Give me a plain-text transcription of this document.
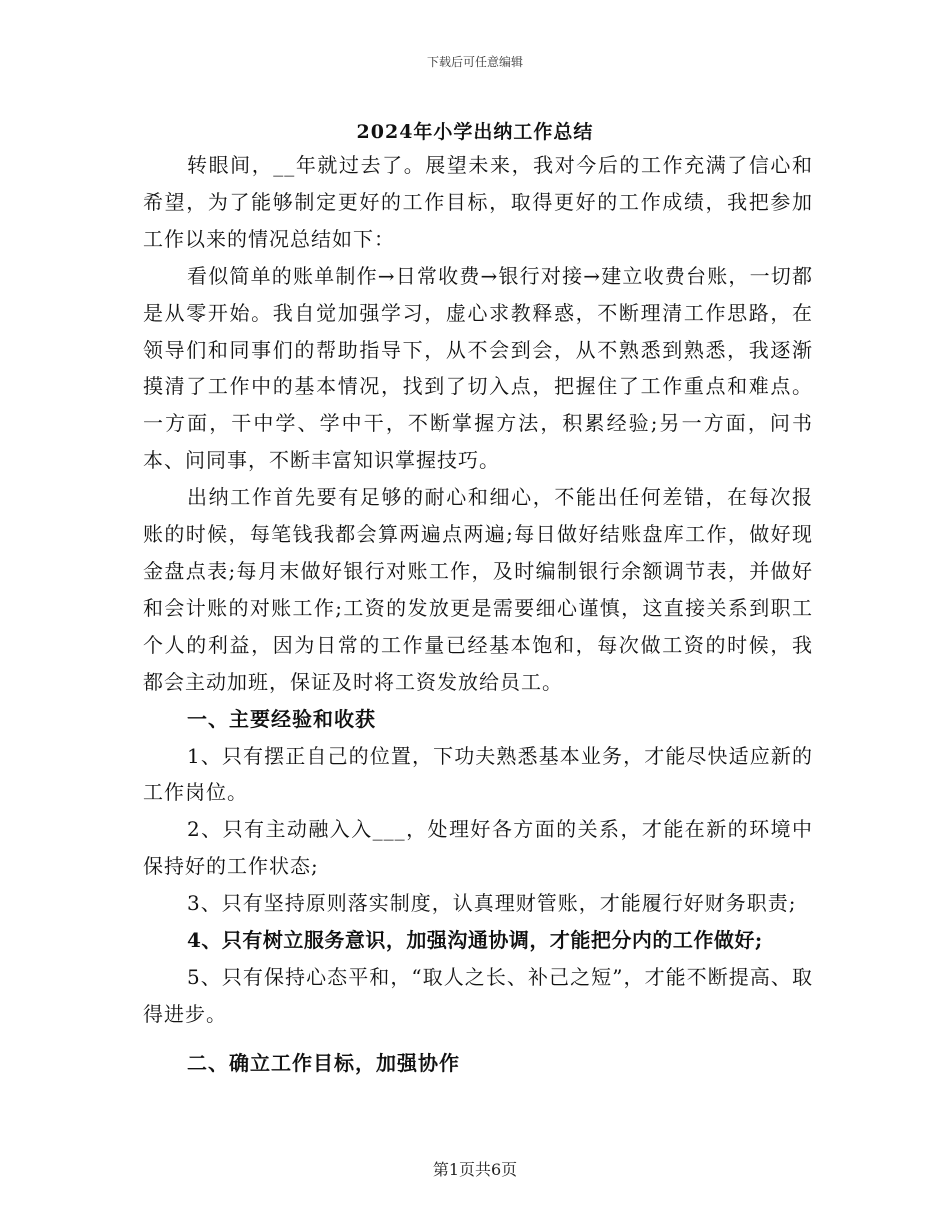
下载后可任意编辑
2024年小学出纳工作总结

转眼间，__年就过去了。展望未来，我对今后的工作充满了信心和希望，为了能够制定更好的工作目标，取得更好的工作成绩，我把参加工作以来的情况总结如下：

看似简单的账单制作→日常收费→银行对接→建立收费台账，一切都是从零开始。我自觉加强学习，虚心求教释惑，不断理清工作思路，在领导们和同事们的帮助指导下，从不会到会，从不熟悉到熟悉，我逐渐摸清了工作中的基本情况，找到了切入点，把握住了工作重点和难点。一方面，干中学、学中干，不断掌握方法，积累经验;另一方面，问书本、问同事，不断丰富知识掌握技巧。

出纳工作首先要有足够的耐心和细心，不能出任何差错，在每次报账的时候，每笔钱我都会算两遍点两遍;每日做好结账盘库工作，做好现金盘点表;每月末做好银行对账工作，及时编制银行余额调节表，并做好和会计账的对账工作;工资的发放更是需要细心谨慎，这直接关系到职工个人的利益，因为日常的工作量已经基本饱和，每次做工资的时候，我都会主动加班，保证及时将工资发放给员工。

一、主要经验和收获

1、只有摆正自己的位置，下功夫熟悉基本业务，才能尽快适应新的工作岗位。

2、只有主动融入入___，处理好各方面的关系，才能在新的环境中保持好的工作状态;

3、只有坚持原则落实制度，认真理财管账，才能履行好财务职责;

4、只有树立服务意识，加强沟通协调，才能把分内的工作做好;

5、只有保持心态平和，“取人之长、补己之短”，才能不断提高、取得进步。

二、确立工作目标，加强协作

第1页共6页
